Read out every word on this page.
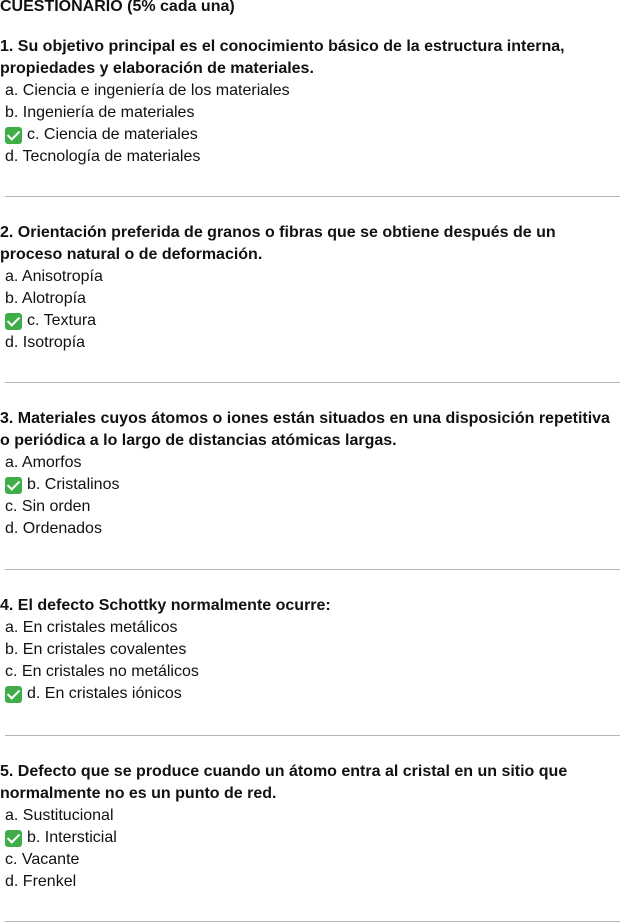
CUESTIONARIO (5% cada una)
1. Su objetivo principal es el conocimiento básico de la estructura interna, propiedades y elaboración de materiales.
a. Ciencia e ingeniería de los materiales
b. Ingeniería de materiales
c. Ciencia de materiales
d. Tecnología de materiales
2. Orientación preferida de granos o fibras que se obtiene después de un proceso natural o de deformación.
a. Anisotropía
b. Alotropía
c. Textura
d. Isotropía
3. Materiales cuyos átomos o iones están situados en una disposición repetitiva o periódica a lo largo de distancias atómicas largas.
a. Amorfos
b. Cristalinos
c. Sin orden
d. Ordenados
4. El defecto Schottky normalmente ocurre:
a. En cristales metálicos
b. En cristales covalentes
c. En cristales no metálicos
d. En cristales iónicos
5. Defecto que se produce cuando un átomo entra al cristal en un sitio que normalmente no es un punto de red.
a. Sustitucional
b. Intersticial
c. Vacante
d. Frenkel
